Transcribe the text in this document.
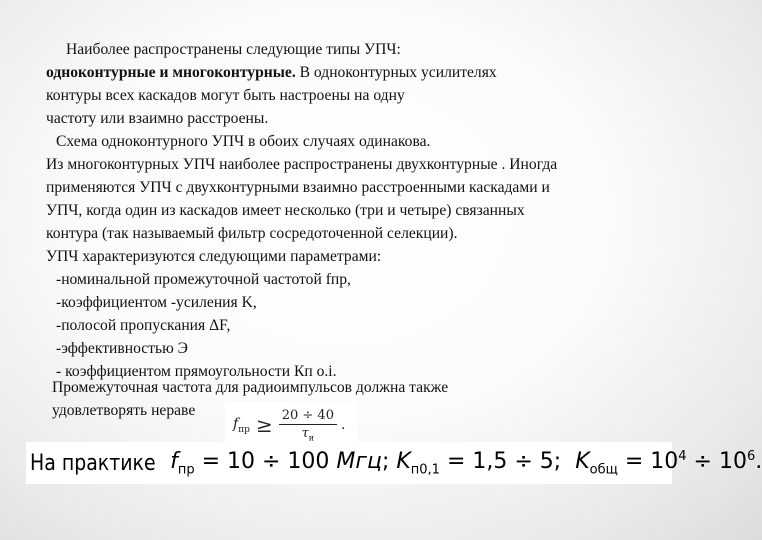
Наиболее распространены следующие типы УПЧ:

одноконтурные и многоконтурные. В одноконтурных усилителях

контуры всех каскадов могут быть настроены на одну

частоту или взаимно расстроены.

Схема одноконтурного УПЧ в обоих случаях одинакова.

Из многоконтурных УПЧ наиболее распространены двухконтурные . Иногда

применяются УПЧ с двухконтурными взаимно расстроенными каскадами и

УПЧ, когда один из каскадов имеет несколько (три и четыре) связанных

контура (так называемый фильтр сосредоточенной селекции).

УПЧ характеризуются следующими параметрами:

-номинальной промежуточной частотой fпр,

-коэффициентом -усиления K,

-полосой пропускания ΔF,

-эффективностью Э

- коэффициентом прямоугольности Кп о.i.

Промежуточная частота для радиоимпульсов должна также

удовлетворять нераве

$f_{пр} \ge \frac{20 \div 40}{\tau_и}$ .
На практике $f_{пр} = 10 \div 100$ Мгц; $K_{п0,1} = 1,5 \div 5$; $K_{общ} = 10^4 \div 10^6$.
